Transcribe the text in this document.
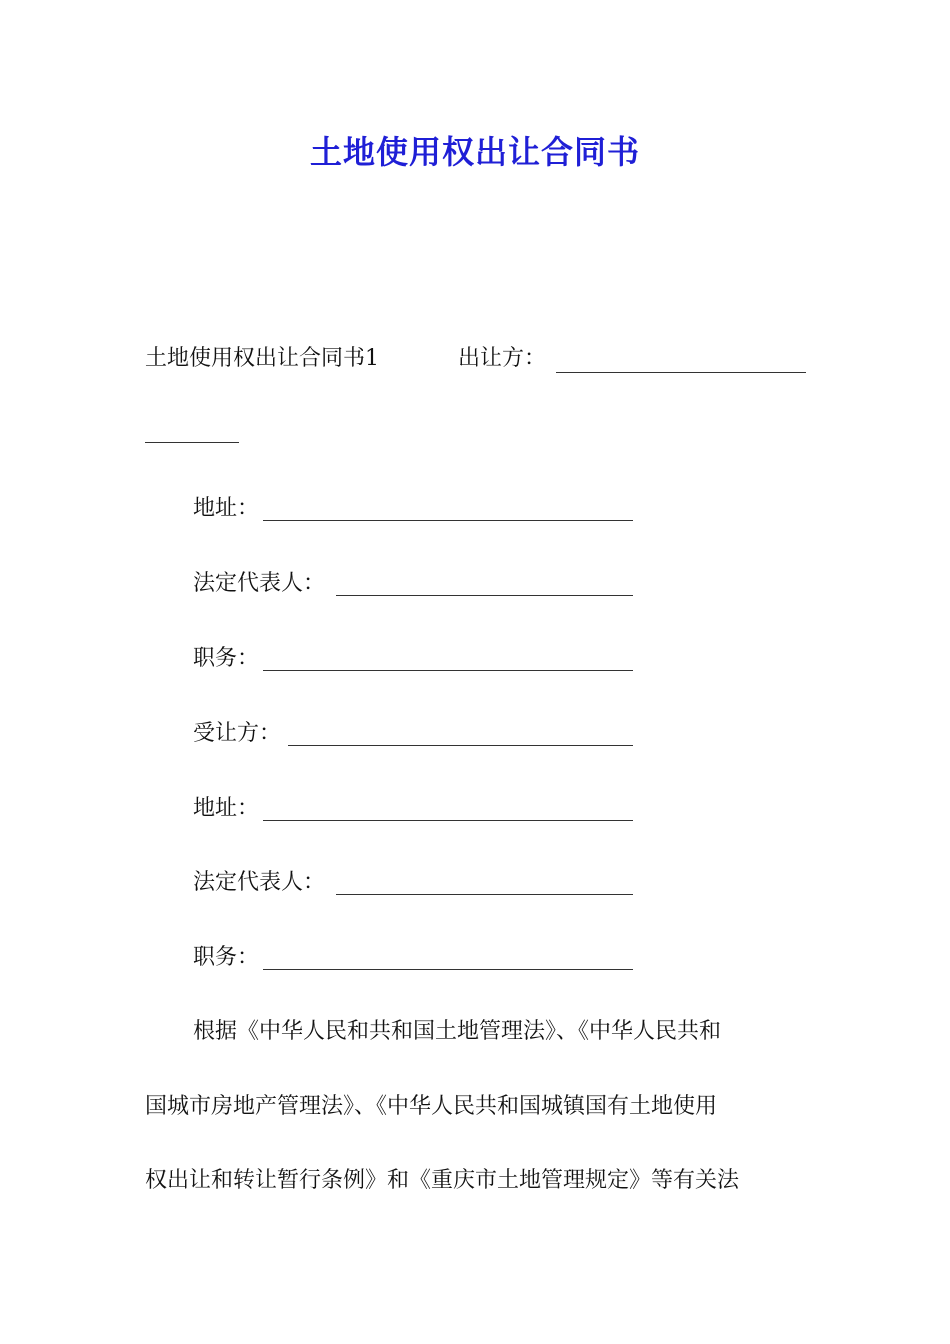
土地使用权出让合同书
土地使用权出让合同书1	出让方：
地址：
法定代表人：
职务：
受让方：
地址：
法定代表人：
职务：
根据《中华人民和共和国土地管理法》、《中华人民共和
国城市房地产管理法》、《中华人民共和国城镇国有土地使用
权出让和转让暂行条例》和《重庆市土地管理规定》等有关法
